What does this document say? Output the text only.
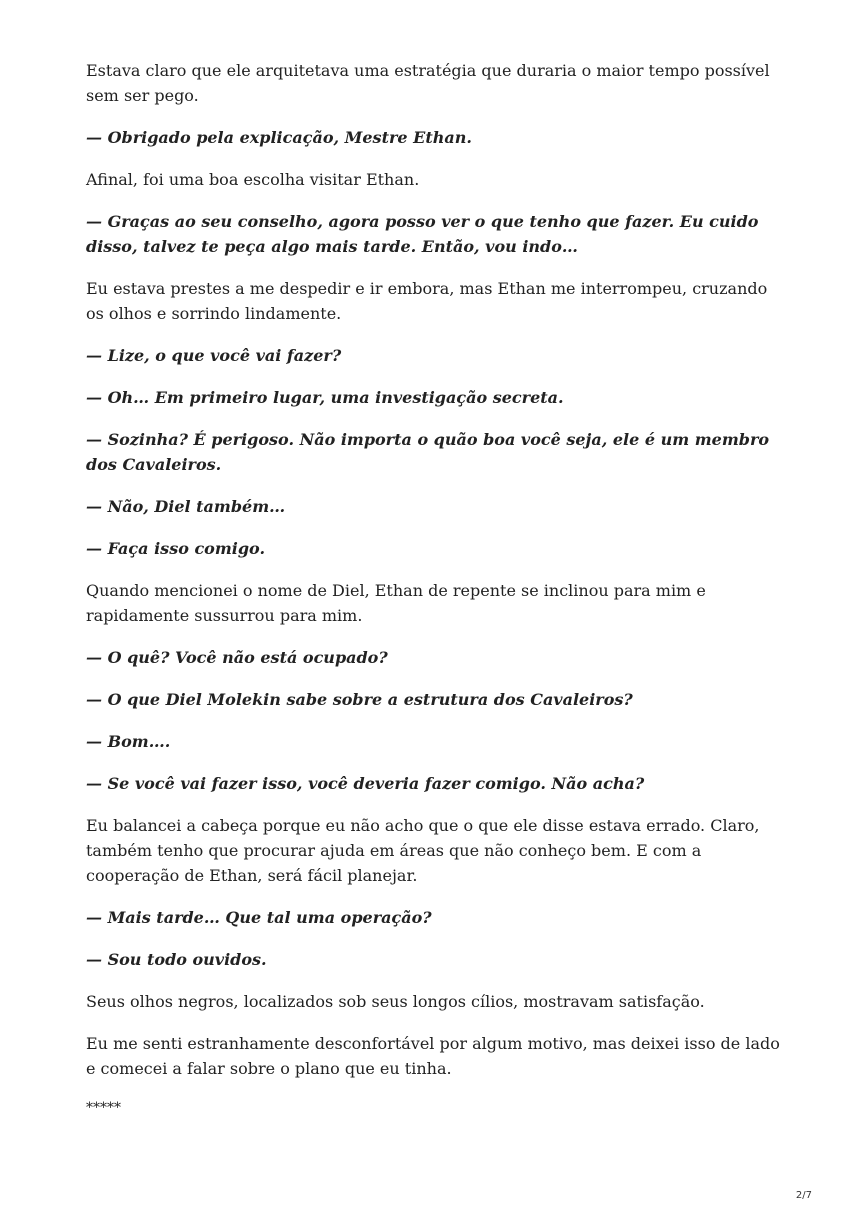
Estava claro que ele arquitetava uma estratégia que duraria o maior tempo possível sem ser pego.

— Obrigado pela explicação, Mestre Ethan.

Afinal, foi uma boa escolha visitar Ethan.

— Graças ao seu conselho, agora posso ver o que tenho que fazer. Eu cuido disso, talvez te peça algo mais tarde. Então, vou indo…

Eu estava prestes a me despedir e ir embora, mas Ethan me interrompeu, cruzando os olhos e sorrindo lindamente.

— Lize, o que você vai fazer?

— Oh… Em primeiro lugar, uma investigação secreta.

— Sozinha? É perigoso. Não importa o quão boa você seja, ele é um membro dos Cavaleiros.

— Não, Diel também…

— Faça isso comigo.

Quando mencionei o nome de Diel, Ethan de repente se inclinou para mim e rapidamente sussurrou para mim.

— O quê? Você não está ocupado?

— O que Diel Molekin sabe sobre a estrutura dos Cavaleiros?

— Bom….

— Se você vai fazer isso, você deveria fazer comigo. Não acha?

Eu balancei a cabeça porque eu não acho que o que ele disse estava errado. Claro, também tenho que procurar ajuda em áreas que não conheço bem. E com a cooperação de Ethan, será fácil planejar.

— Mais tarde… Que tal uma operação?

— Sou todo ouvidos.

Seus olhos negros, localizados sob seus longos cílios, mostravam satisfação.

Eu me senti estranhamente desconfortável por algum motivo, mas deixei isso de lado e comecei a falar sobre o plano que eu tinha.

*****
2/7
